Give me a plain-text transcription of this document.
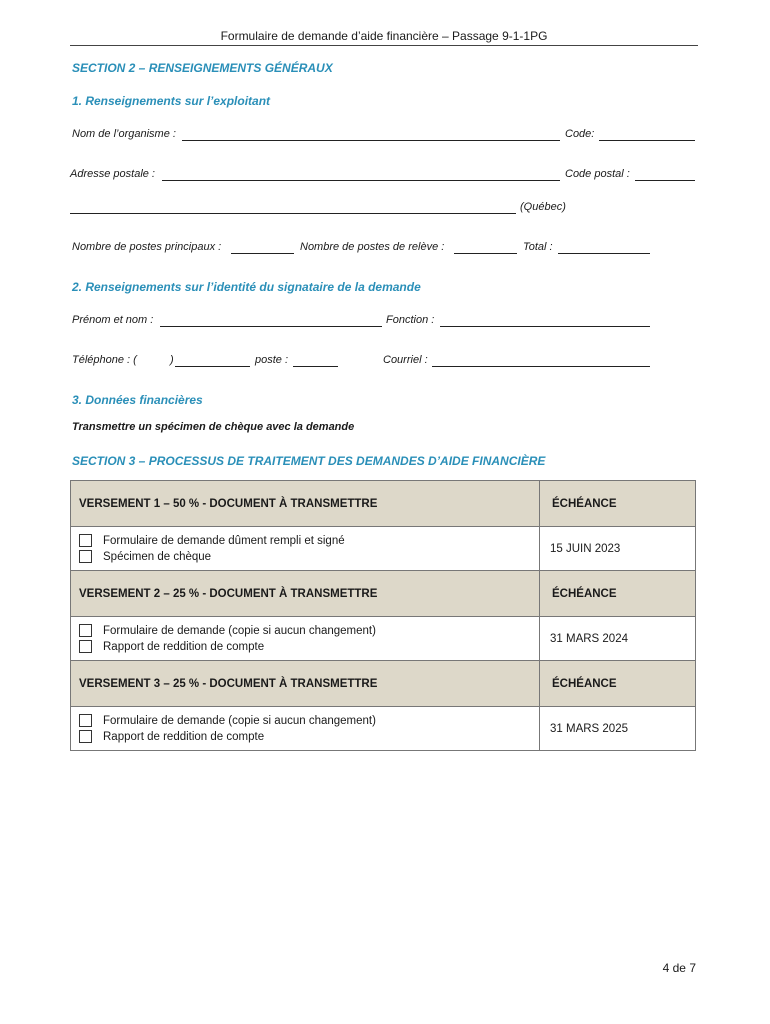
Formulaire de demande d’aide financière – Passage 9-1-1PG
SECTION 2 – RENSEIGNEMENTS GÉNÉRAUX
1. Renseignements sur l’exploitant
Nom de l’organisme :	Code:
Adresse postale :	Code postal :
(Québec)
Nombre de postes principaux :	Nombre de postes de relève :	Total :
2. Renseignements sur l’identité du signataire de la demande
Prénom et nom :	Fonction :
Téléphone : (	)	poste :	Courriel :
3. Données financières
Transmettre un spécimen de chèque avec la demande
SECTION 3 – PROCESSUS DE TRAITEMENT DES DEMANDES D’AIDE FINANCIÈRE
VERSEMENT 1 – 50 % - DOCUMENT À TRANSMETTRE	ÉCHÉANCE

Formulaire de demande dûment rempli et signé
Spécimen de chèque	15 JUIN 2023
VERSEMENT 2 – 25 % - DOCUMENT À TRANSMETTRE	ÉCHÉANCE

Formulaire de demande (copie si aucun changement)
Rapport de reddition de compte	31 MARS 2024
VERSEMENT 3 – 25 % - DOCUMENT À TRANSMETTRE	ÉCHÉANCE

Formulaire de demande (copie si aucun changement)
Rapport de reddition de compte	31 MARS 2025
4 de 7
